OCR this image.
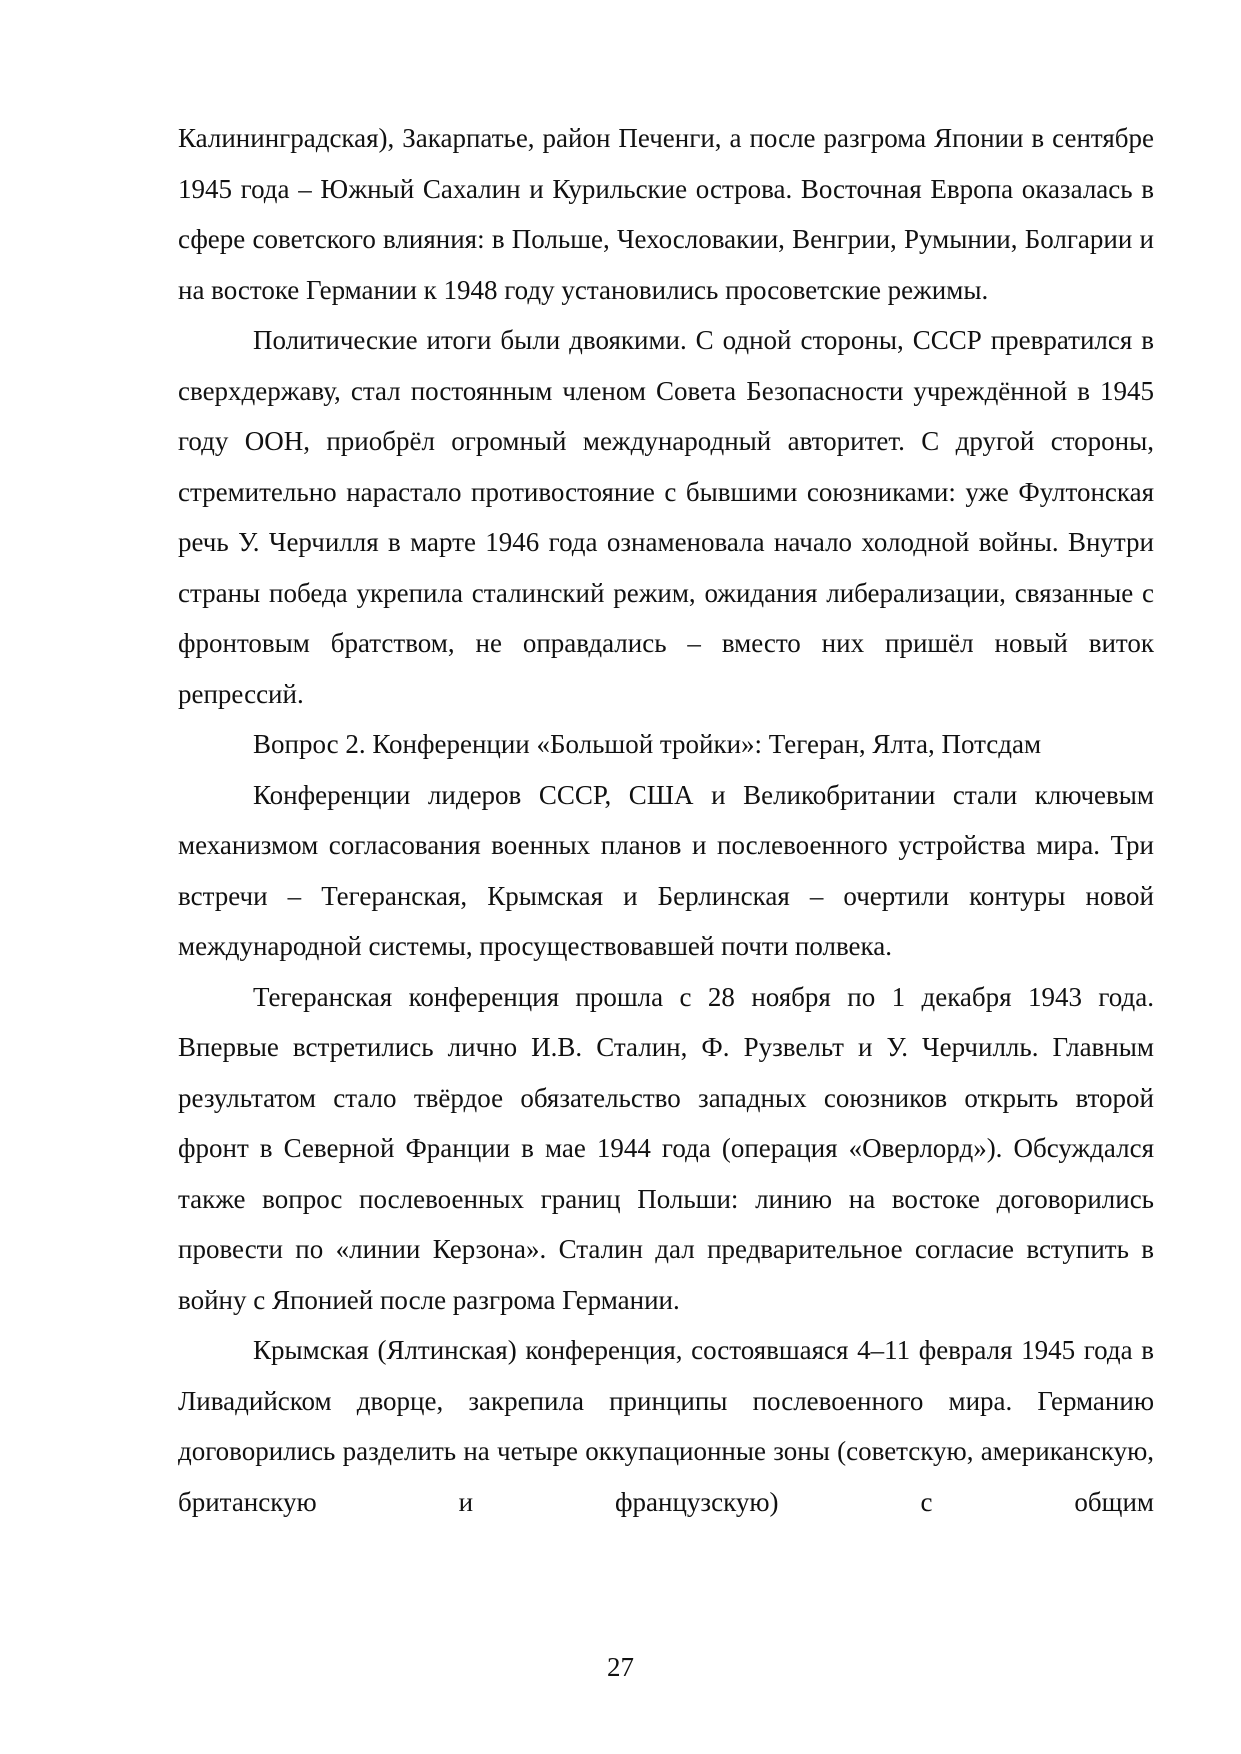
Калининградская), Закарпатье, район Печенги, а после разгрома Японии в сентябре 1945 года – Южный Сахалин и Курильские острова. Восточная Европа оказалась в сфере советского влияния: в Польше, Чехословакии, Венгрии, Румынии, Болгарии и на востоке Германии к 1948 году установились просоветские режимы.

Политические итоги были двоякими. С одной стороны, СССР превратился в сверхдержаву, стал постоянным членом Совета Безопасности учреждённой в 1945 году ООН, приобрёл огромный международный авторитет. С другой стороны, стремительно нарастало противостояние с бывшими союзниками: уже Фултонская речь У. Черчилля в марте 1946 года ознаменовала начало холодной войны. Внутри страны победа укрепила сталинский режим, ожидания либерализации, связанные с фронтовым братством, не оправдались – вместо них пришёл новый виток репрессий.

Вопрос 2. Конференции «Большой тройки»: Тегеран, Ялта, Потсдам

Конференции лидеров СССР, США и Великобритании стали ключевым механизмом согласования военных планов и послевоенного устройства мира. Три встречи – Тегеранская, Крымская и Берлинская – очертили контуры новой международной системы, просуществовавшей почти полвека.

Тегеранская конференция прошла с 28 ноября по 1 декабря 1943 года. Впервые встретились лично И.В. Сталин, Ф. Рузвельт и У. Черчилль. Главным результатом стало твёрдое обязательство западных союзников открыть второй фронт в Северной Франции в мае 1944 года (операция «Оверлорд»). Обсуждался также вопрос послевоенных границ Польши: линию на востоке договорились провести по «линии Керзона». Сталин дал предварительное согласие вступить в войну с Японией после разгрома Германии.

Крымская (Ялтинская) конференция, состоявшаяся 4–11 февраля 1945 года в Ливадийском дворце, закрепила принципы послевоенного мира. Германию договорились разделить на четыре оккупационные зоны (советскую, американскую, британскую и французскую) с общим

27
